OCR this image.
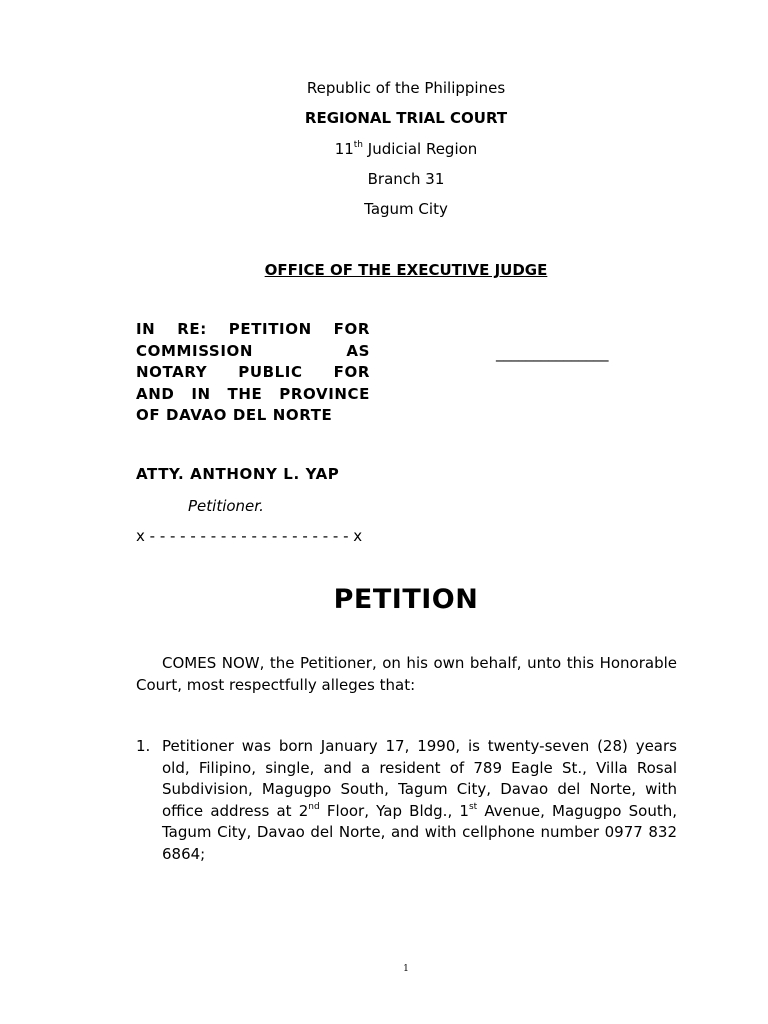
Republic of the Philippines
REGIONAL TRIAL COURT
11th Judicial Region
Branch 31
Tagum City
OFFICE OF THE EXECUTIVE JUDGE
IN RE: PETITION FOR
COMMISSION AS
NOTARY PUBLIC FOR
AND IN THE PROVINCE
OF DAVAO DEL NORTE
_______________
ATTY. ANTHONY L. YAP
Petitioner.
x - - - - - - - - - - - - - - - - - - - - x
PETITION
COMES NOW, the Petitioner, on his own behalf, unto this Honorable Court, most respectfully alleges that:
1. Petitioner was born January 17, 1990, is twenty-seven (28) years old, Filipino, single, and a resident of 789 Eagle St., Villa Rosal Subdivision, Magugpo South, Tagum City, Davao del Norte, with office address at 2nd Floor, Yap Bldg., 1st Avenue, Magugpo South, Tagum City, Davao del Norte, and with cellphone number 0977 832 6864;
1
